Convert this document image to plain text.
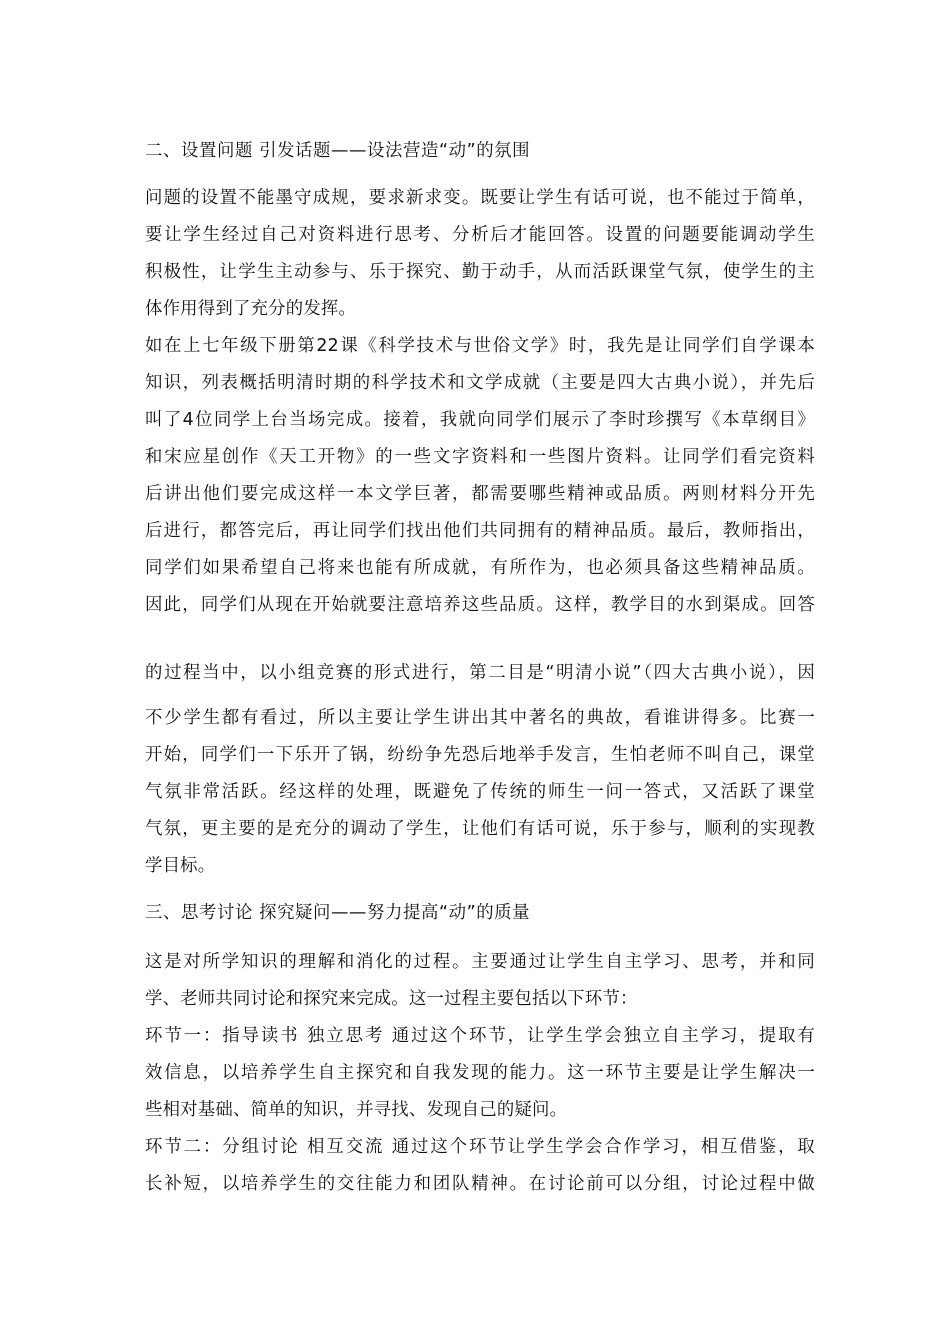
二、设置问题 引发话题——设法营造“动”的氛围
问题的设置不能墨守成规，要求新求变。既要让学生有话可说，也不能过于简单，
要让学生经过自己对资料进行思考、分析后才能回答。设置的问题要能调动学生
积极性，让学生主动参与、乐于探究、勤于动手，从而活跃课堂气氛，使学生的主
体作用得到了充分的发挥。
如在上七年级下册第22课《科学技术与世俗文学》时，我先是让同学们自学课本
知识，列表概括明清时期的科学技术和文学成就（主要是四大古典小说），并先后
叫了4位同学上台当场完成。接着，我就向同学们展示了李时珍撰写《本草纲目》
和宋应星创作《天工开物》的一些文字资料和一些图片资料。让同学们看完资料
后讲出他们要完成这样一本文学巨著，都需要哪些精神或品质。两则材料分开先
后进行，都答完后，再让同学们找出他们共同拥有的精神品质。最后，教师指出，
同学们如果希望自己将来也能有所成就，有所作为，也必须具备这些精神品质。
因此，同学们从现在开始就要注意培养这些品质。这样，教学目的水到渠成。回答
的过程当中，以小组竞赛的形式进行，第二目是“明清小说”（四大古典小说），因
不少学生都有看过，所以主要让学生讲出其中著名的典故，看谁讲得多。比赛一
开始，同学们一下乐开了锅，纷纷争先恐后地举手发言，生怕老师不叫自己，课堂
气氛非常活跃。经这样的处理，既避免了传统的师生一问一答式，又活跃了课堂
气氛，更主要的是充分的调动了学生，让他们有话可说，乐于参与，顺利的实现教
学目标。
三、思考讨论 探究疑问——努力提高“动”的质量
这是对所学知识的理解和消化的过程。主要通过让学生自主学习、思考，并和同
学、老师共同讨论和探究来完成。这一过程主要包括以下环节：
环节一：指导读书 独立思考 通过这个环节，让学生学会独立自主学习，提取有
效信息，以培养学生自主探究和自我发现的能力。这一环节主要是让学生解决一
些相对基础、简单的知识，并寻找、发现自己的疑问。
环节二：分组讨论 相互交流 通过这个环节让学生学会合作学习，相互借鉴，取
长补短，以培养学生的交往能力和团队精神。在讨论前可以分组，讨论过程中做
